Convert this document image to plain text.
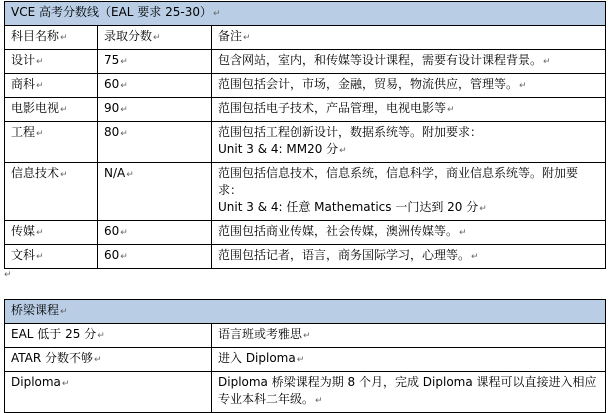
VCE 高考分数线（EAL 要求 25-30）↵		
科目名称↵	录取分数↵	备注↵
设计↵	75↵	包含网站，室内，和传媒等设计课程，需要有设计课程背景。↵
商科↵	60↵	范围包括会计，市场，金融，贸易，物流供应，管理等。↵
电影电视↵	90↵	范围包括电子技术，产品管理，电视电影等↵
工程↵	80↵	范围包括工程创新设计，数据系统等。附加要求：
Unit 3 & 4: MM20 分↵

信息技术↵	N/A↵	范围包括信息技术，信息系统，信息科学，商业信息系统等。附加要求：
Unit 3 & 4: 任意 Mathematics 一门达到 20 分↵

传媒↵	60↵	范围包括商业传媒，社会传媒，澳洲传媒等。↵
文科↵	60↵	范围包括记者，语言，商务国际学习，心理等。↵
↵
桥梁课程↵	
EAL 低于 25 分↵	语言班或考雅思↵
ATAR 分数不够↵	进入 Diploma↵
Diploma↵	Diploma 桥梁课程为期 8 个月，完成 Diploma 课程可以直接进入相应专业本科二年级。↵
